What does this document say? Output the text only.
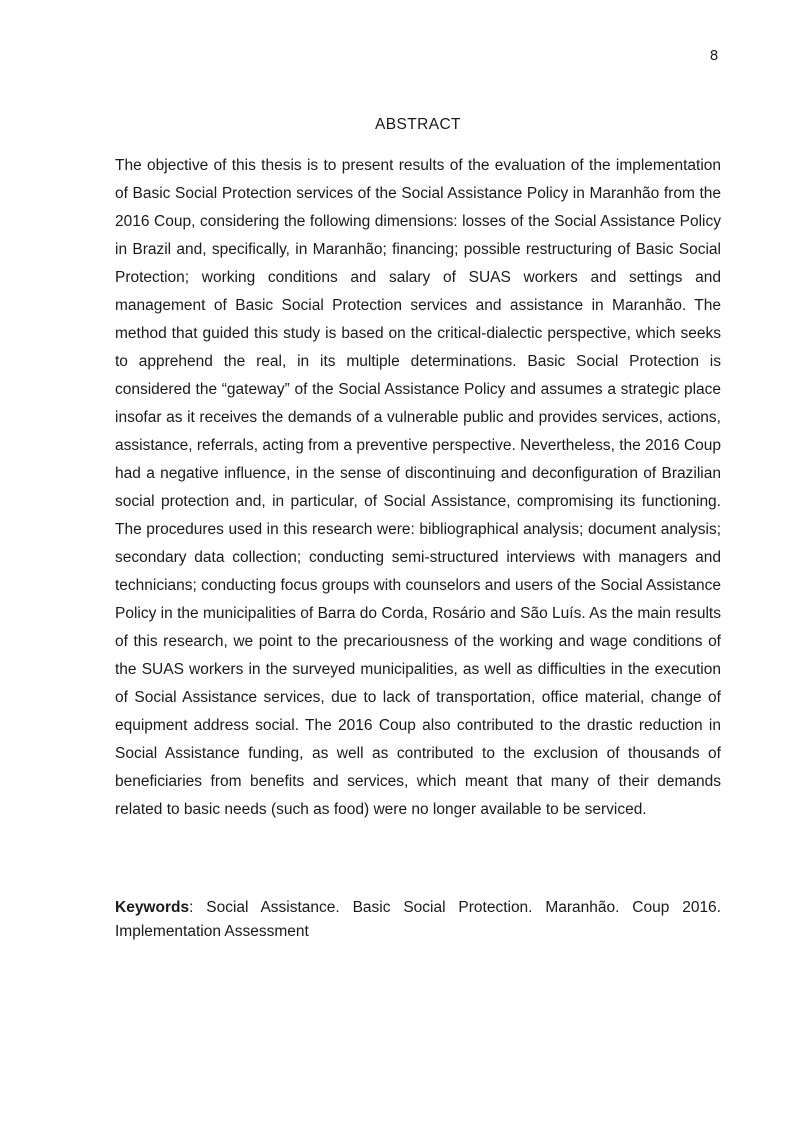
8
ABSTRACT

The objective of this thesis is to present results of the evaluation of the implementation of Basic Social Protection services of the Social Assistance Policy in Maranhão from the 2016 Coup, considering the following dimensions: losses of the Social Assistance Policy in Brazil and, specifically, in Maranhão; financing; possible restructuring of Basic Social Protection; working conditions and salary of SUAS workers and settings and management of Basic Social Protection services and assistance in Maranhão. The method that guided this study is based on the critical-dialectic perspective, which seeks to apprehend the real, in its multiple determinations. Basic Social Protection is considered the “gateway” of the Social Assistance Policy and assumes a strategic place insofar as it receives the demands of a vulnerable public and provides services, actions, assistance, referrals, acting from a preventive perspective. Nevertheless, the 2016 Coup had a negative influence, in the sense of discontinuing and deconfiguration of Brazilian social protection and, in particular, of Social Assistance, compromising its functioning. The procedures used in this research were: bibliographical analysis; document analysis; secondary data collection; conducting semi-structured interviews with managers and technicians; conducting focus groups with counselors and users of the Social Assistance Policy in the municipalities of Barra do Corda, Rosário and São Luís. As the main results of this research, we point to the precariousness of the working and wage conditions of the SUAS workers in the surveyed municipalities, as well as difficulties in the execution of Social Assistance services, due to lack of transportation, office material, change of equipment address social. The 2016 Coup also contributed to the drastic reduction in Social Assistance funding, as well as contributed to the exclusion of thousands of beneficiaries from benefits and services, which meant that many of their demands related to basic needs (such as food) were no longer available to be serviced.

Keywords: Social Assistance. Basic Social Protection. Maranhão. Coup 2016. Implementation Assessment
